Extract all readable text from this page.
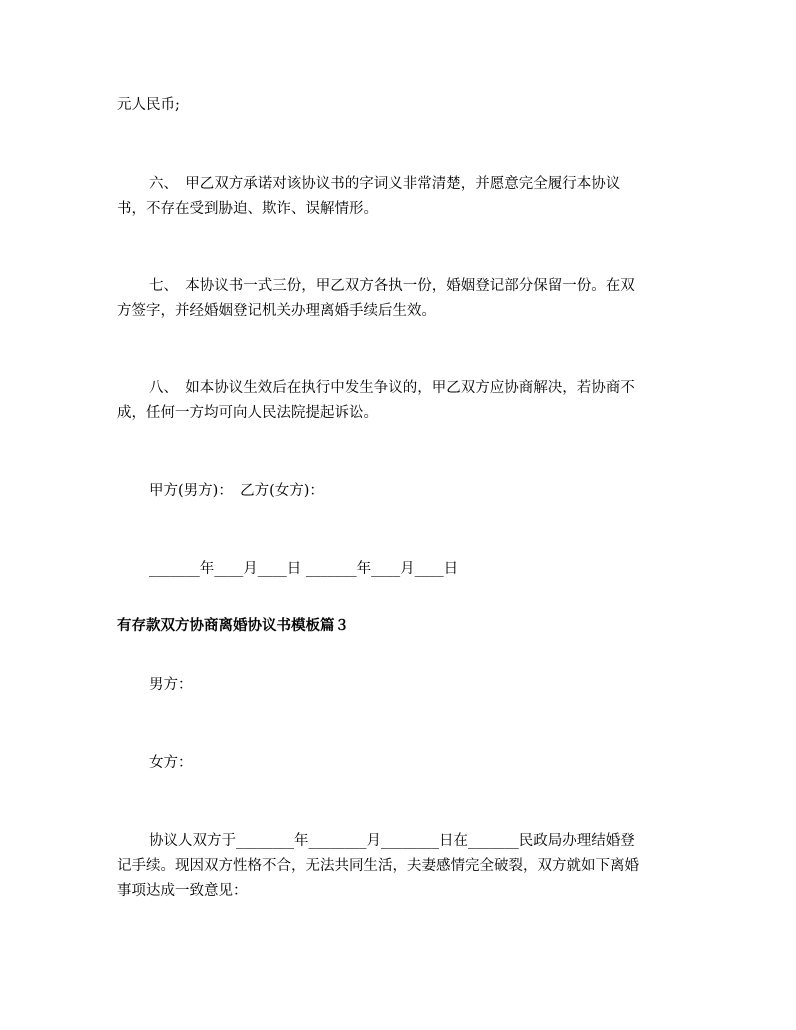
元人民币;
六、　甲乙双方承诺对该协议书的字词义非常清楚，并愿意完全履行本协议
书，不存在受到胁迫、欺诈、误解情形。
七、　本协议书一式三份，甲乙双方各执一份，婚姻登记部分保留一份。在双
方签字，并经婚姻登记机关办理离婚手续后生效。
八、　如本协议生效后在执行中发生争议的，甲乙双方应协商解决，若协商不
成，任何一方均可向人民法院提起诉讼。
甲方(男方)：　乙方(女方)：
_______年____月____日 _______年____月____日
有存款双方协商离婚协议书模板篇３
男方：
女方：
协议人双方于________年________月________日在_______民政局办理结婚登
记手续。现因双方性格不合，无法共同生活，夫妻感情完全破裂，双方就如下离婚
事项达成一致意见：
